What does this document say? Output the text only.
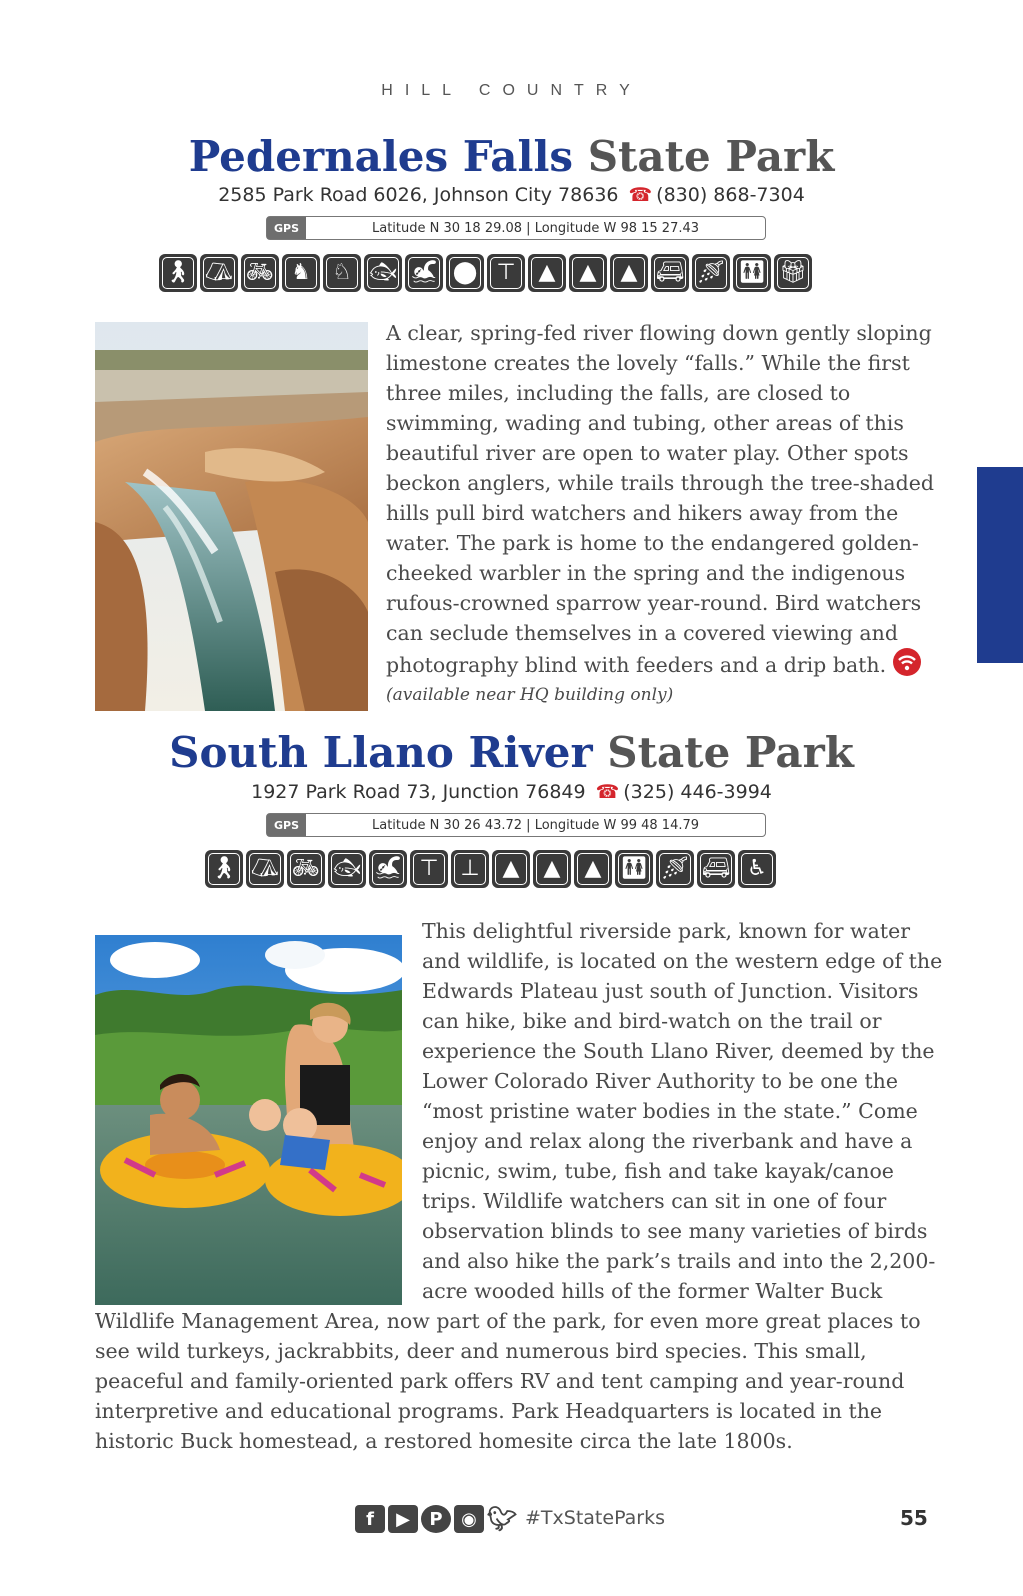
HILL COUNTRY
Pedernales Falls State Park
2585 Park Road 6026, Johnson City 78636 ☎ (830) 868-7304
GPS	Latitude N 30 18 29.08 | Longitude W 98 15 27.43
🚶︎ ⛺︎ 🚲︎ ♞ ♘ 🐟︎ 🏊︎ ⬤ ⊤	▲	▲	▲ 🚐︎ 🚿︎ 🚻︎ 🎁︎
A clear, spring-fed river flowing down gently sloping
limestone creates the lovely “falls.” While the first
three miles, including the falls, are closed to
swimming, wading and tubing, other areas of this
beautiful river are open to water play. Other spots
beckon anglers, while trails through the tree-shaded
hills pull bird watchers and hikers away from the
water. The park is home to the endangered golden-
cheeked warbler in the spring and the indigenous
rufous-crowned sparrow year-round. Bird watchers
can seclude themselves in a covered viewing and
photography blind with feeders and a drip bath.
(available near HQ building only)
South Llano River State Park
1927 Park Road 73, Junction 76849 ☎ (325) 446-3994
GPS	Latitude N 30 26 43.72 | Longitude W 99 48 14.79
🚶︎ ⛺︎ 🚲︎ 🐟︎ 🏊︎ ⊤ ⊥	▲	▲	▲ 🚻︎ 🚿︎ 🚐︎ ♿︎
This delightful riverside park, known for water
and wildlife, is located on the western edge of the
Edwards Plateau just south of Junction. Visitors
can hike, bike and bird-watch on the trail or
experience the South Llano River, deemed by the
Lower Colorado River Authority to be one the
“most pristine water bodies in the state.” Come
enjoy and relax along the riverbank and have a
picnic, swim, tube, fish and take kayak/canoe
trips. Wildlife watchers can sit in one of four
observation blinds to see many varieties of birds
and also hike the park’s trails and into the 2,200-
acre wooded hills of the former Walter Buck
Wildlife Management Area, now part of the park, for even more great places to
see wild turkeys, jackrabbits, deer and numerous bird species. This small,
peaceful and family-oriented park offers RV and tent camping and year-round
interpretive and educational programs. Park Headquarters is located in the
historic Buck homestead, a restored homesite circa the late 1800s.
f	▶	P	◉ 🐦︎ #TxStateParks	55
